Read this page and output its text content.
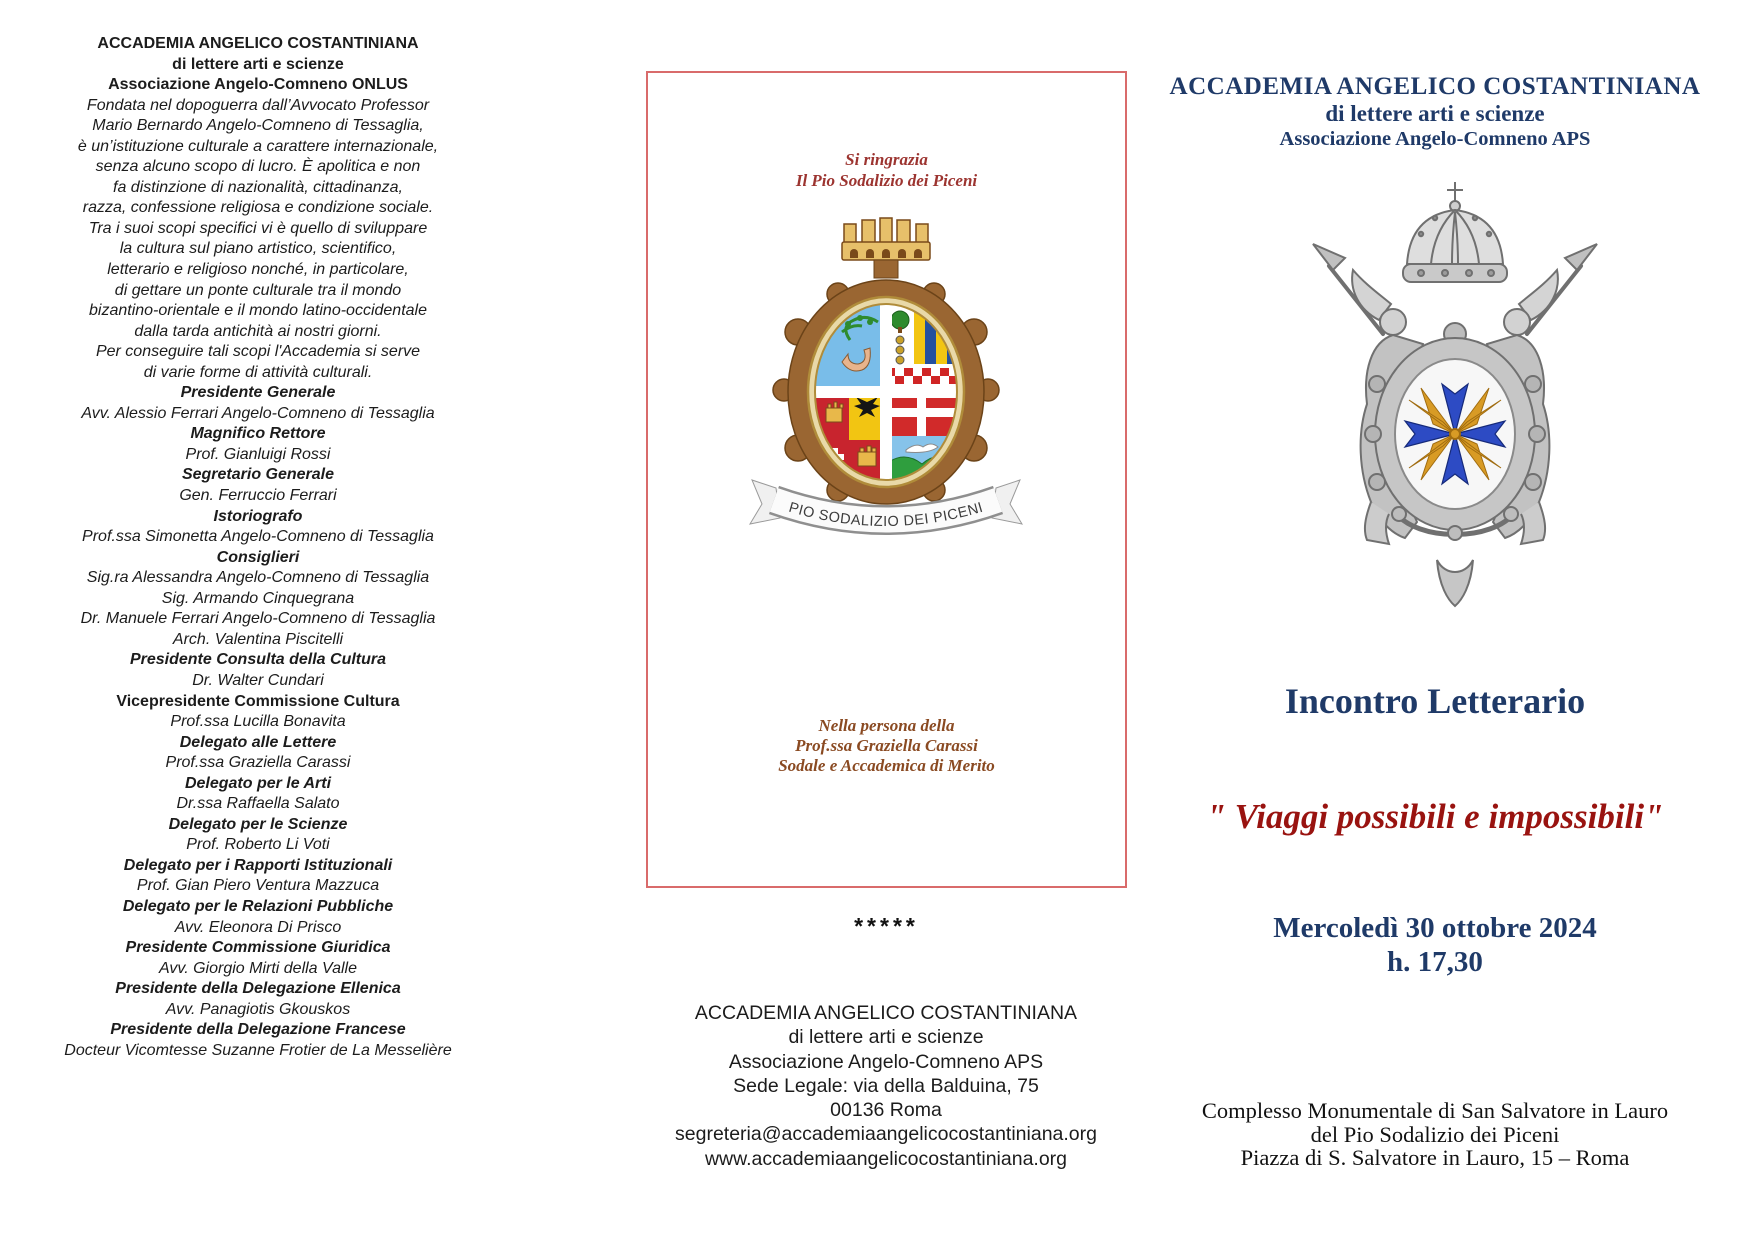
ACCADEMIA ANGELICO COSTANTINIANA
di lettere arti e scienze
Associazione Angelo-Comneno ONLUS
Fondata nel dopoguerra dall’Avvocato Professor
Mario Bernardo Angelo-Comneno di Tessaglia,
è un’istituzione culturale a carattere internazionale,
senza alcuno scopo di lucro. È apolitica e non
fa distinzione di nazionalità, cittadinanza,
razza, confessione religiosa e condizione sociale.
Tra i suoi scopi specifici vi è quello di sviluppare
la cultura sul piano artistico, scientifico,
letterario e religioso nonché, in particolare,
di gettare un ponte culturale tra il mondo
bizantino-orientale e il mondo latino-occidentale
dalla tarda antichità ai nostri giorni.
Per conseguire tali scopi l'Accademia si serve
di varie forme di attività culturali.
Presidente Generale
Avv. Alessio Ferrari Angelo-Comneno di Tessaglia
Magnifico Rettore
Prof. Gianluigi Rossi
Segretario Generale
Gen. Ferruccio Ferrari
Istoriografo
Prof.ssa Simonetta Angelo-Comneno di Tessaglia
Consiglieri
Sig.ra Alessandra Angelo-Comneno di Tessaglia
Sig. Armando Cinquegrana
Dr. Manuele Ferrari Angelo-Comneno di Tessaglia
Arch. Valentina Piscitelli
Presidente Consulta della Cultura
Dr. Walter Cundari
Vicepresidente Commissione Cultura
Prof.ssa Lucilla Bonavita
Delegato alle Lettere
Prof.ssa Graziella Carassi
Delegato per le Arti
Dr.ssa Raffaella Salato
Delegato per le Scienze
Prof. Roberto Li Voti
Delegato per i Rapporti Istituzionali
Prof. Gian Piero Ventura Mazzuca
Delegato per le Relazioni Pubbliche
Avv. Eleonora Di Prisco
Presidente Commissione Giuridica
Avv. Giorgio Mirti della Valle
Presidente della Delegazione Ellenica
Avv. Panagiotis Gkouskos
Presidente della Delegazione Francese
Docteur Vicomtesse Suzanne Frotier de La Messelière
Si ringrazia
Il Pio Sodalizio dei Piceni
PIO SODALIZIO DEI PICENI
Nella persona della
Prof.ssa Graziella Carassi
Sodale e Accademica di Merito
*****
ACCADEMIA ANGELICO COSTANTINIANA
di lettere arti e scienze
Associazione Angelo-Comneno APS
Sede Legale: via della Balduina, 75
00136 Roma
segreteria@accademiaangelicocostantiniana.org
www.accademiaangelicocostantiniana.org
ACCADEMIA ANGELICO COSTANTINIANA
di lettere arti e scienze
Associazione Angelo-Comneno APS
Incontro Letterario
" Viaggi possibili e impossibili"
Mercoledì 30 ottobre 2024
h. 17,30
Complesso Monumentale di San Salvatore in Lauro
del Pio Sodalizio dei Piceni
Piazza di S. Salvatore in Lauro, 15 – Roma
